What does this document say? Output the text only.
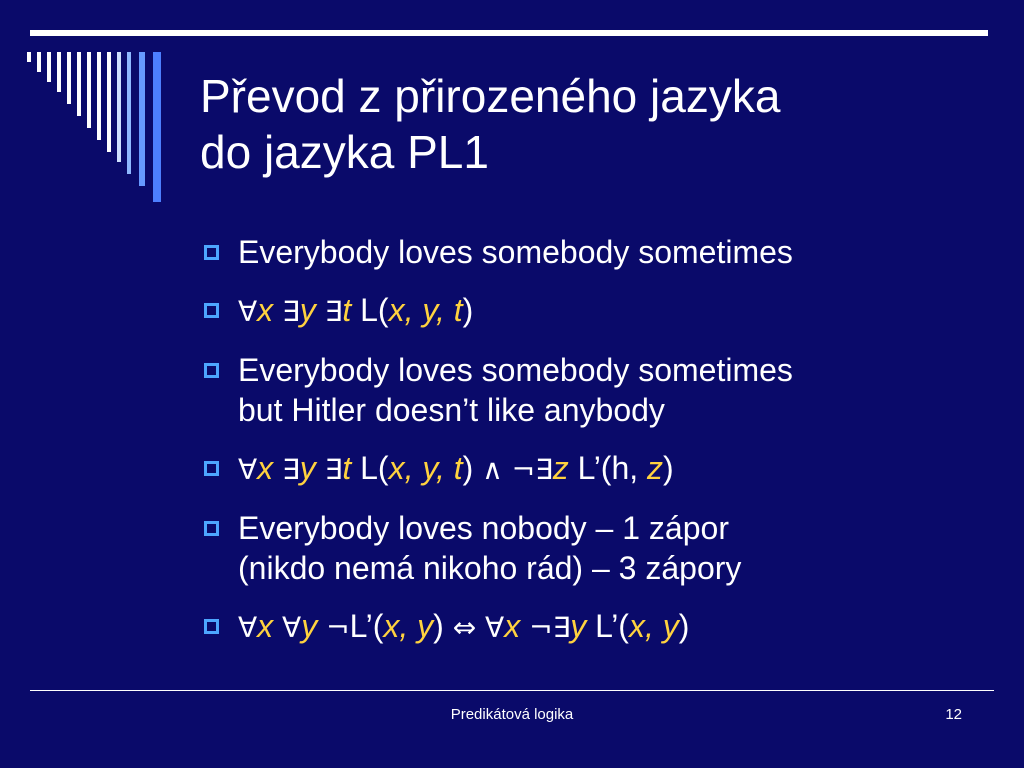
Převod z přirozeného jazyka
do jazyka PL1
Everybody loves somebody sometimes
∀x ∃y ∃t L(x, y, t)
Everybody loves somebody sometimes
but Hitler doesn’t like anybody
∀x ∃y ∃t L(x, y, t) ∧ ¬∃z L’(h, z)
Everybody loves nobody – 1 zápor
(nikdo nemá nikoho rád) – 3 zápory
∀x ∀y ¬L’(x, y) ⇔ ∀x ¬∃y L’(x, y)
Predikátová logika	12
